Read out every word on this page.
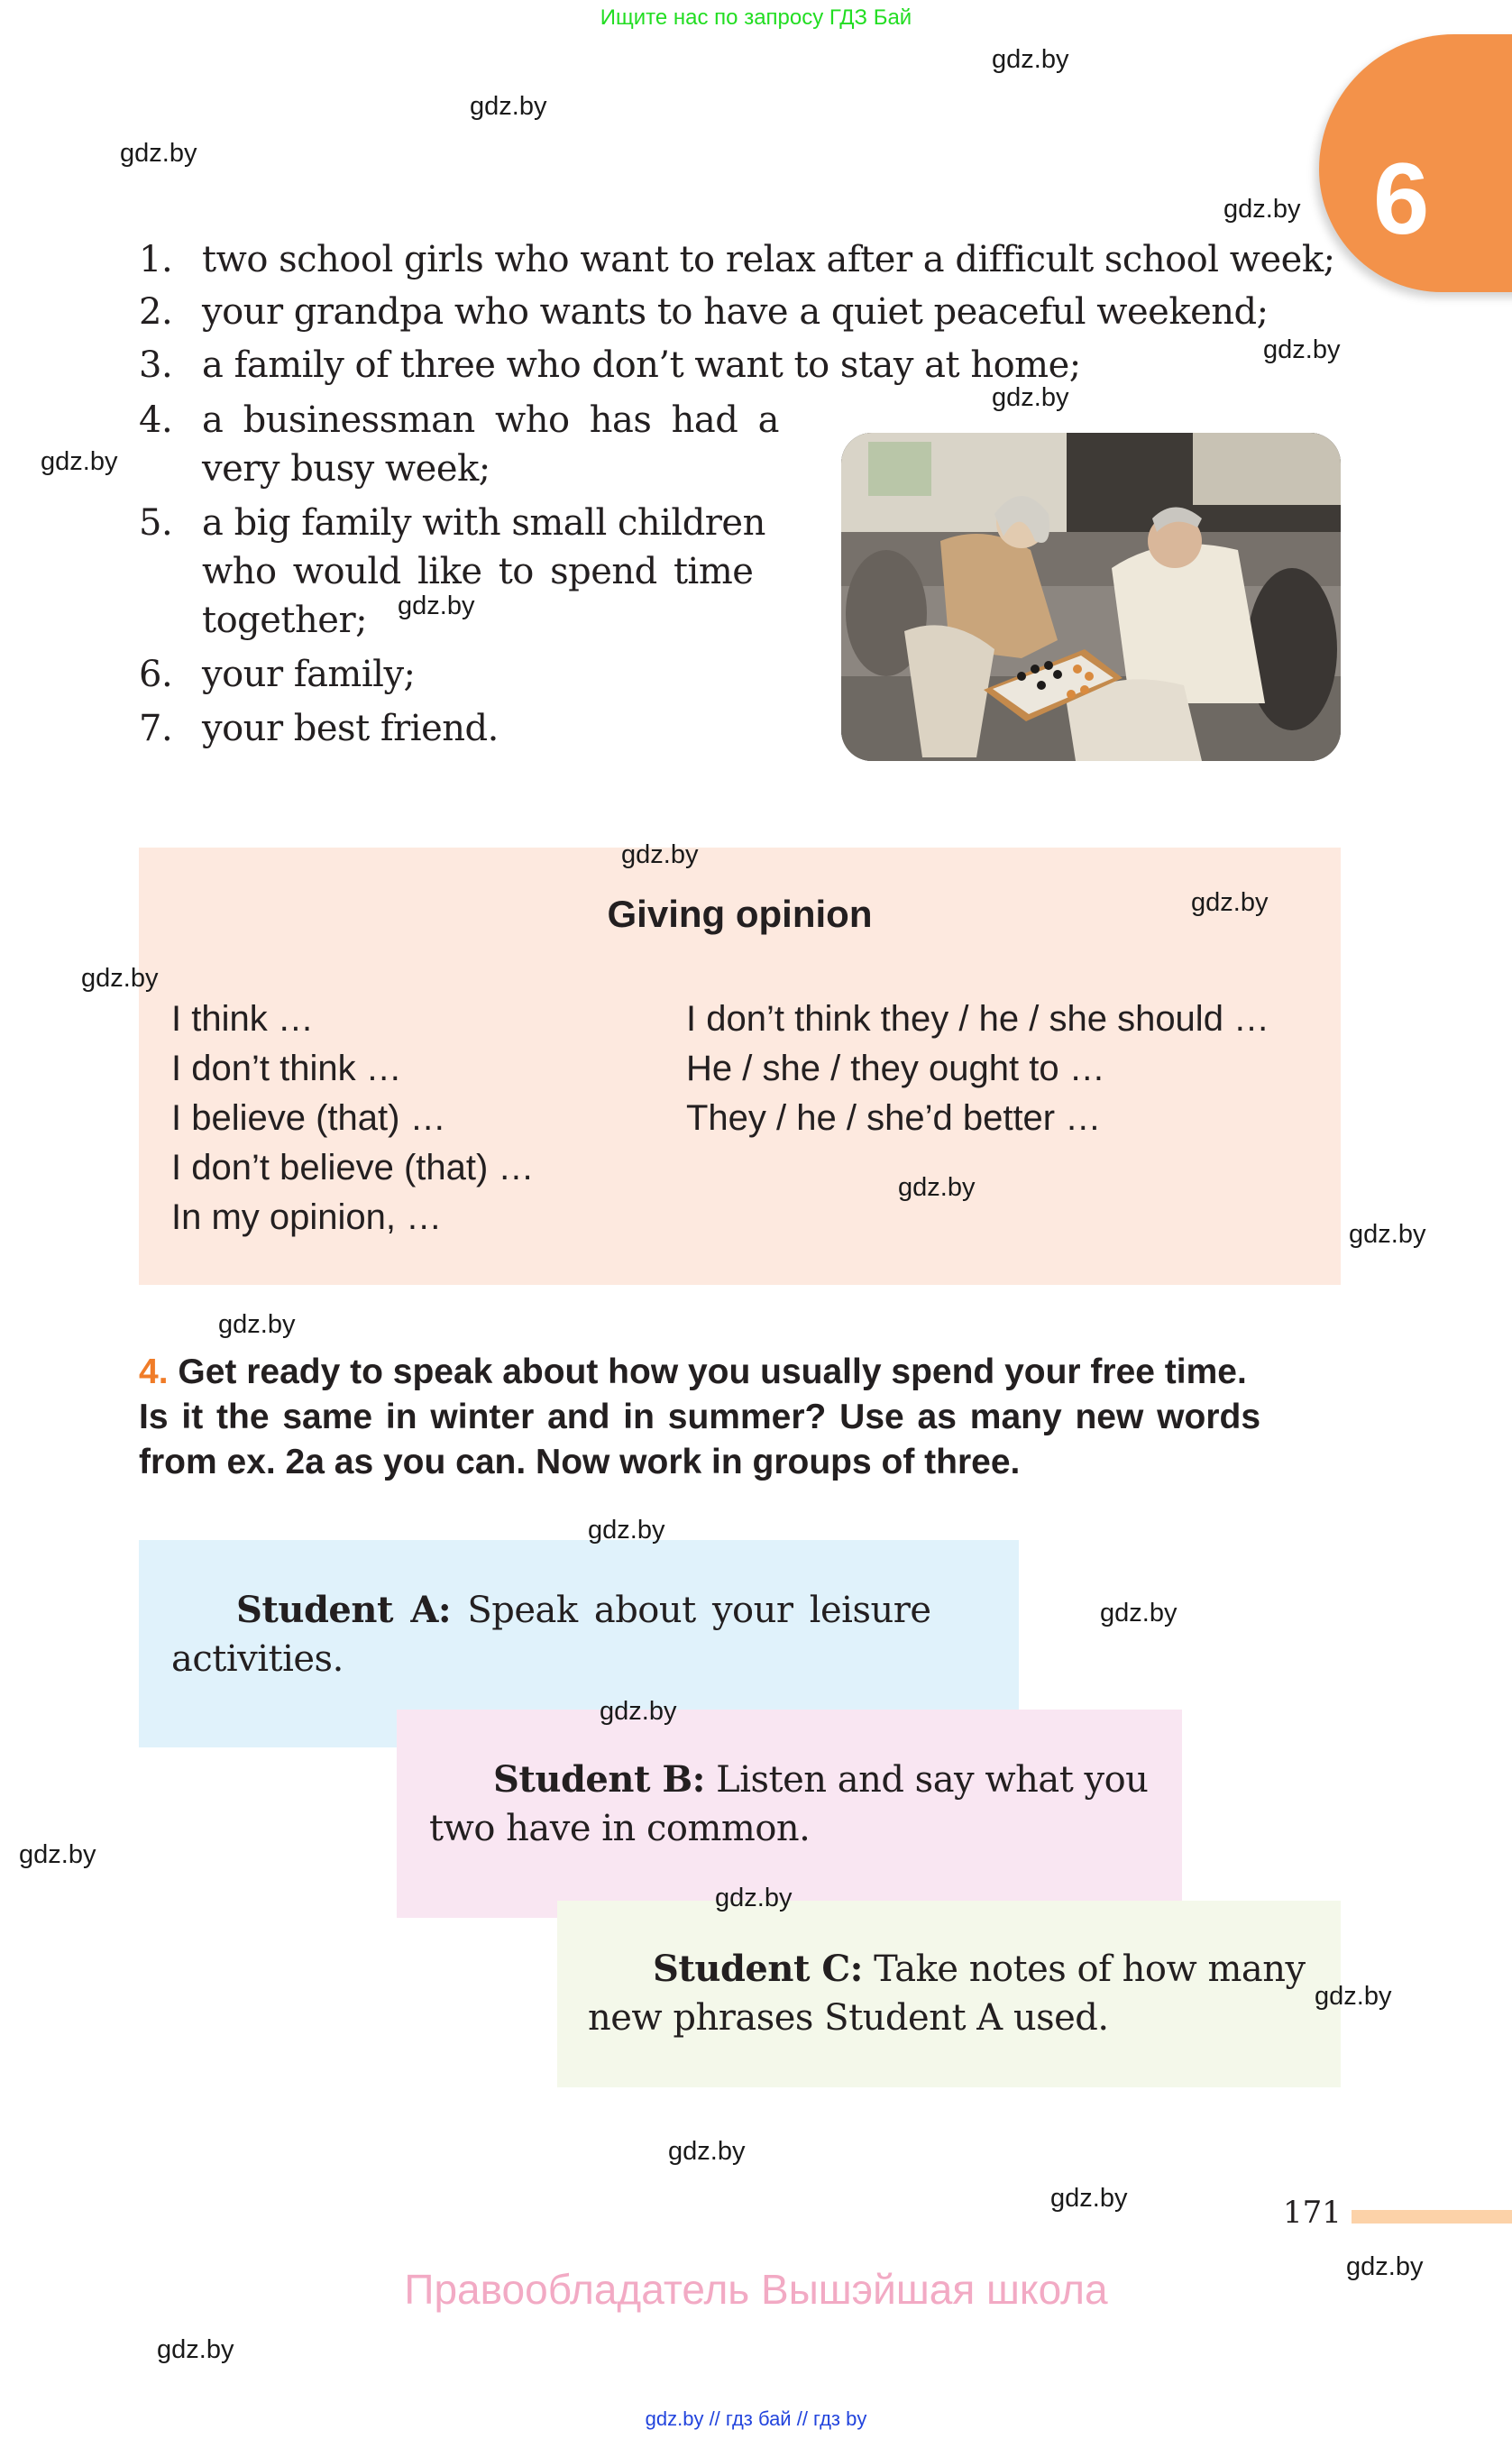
Ищите нас по запросу ГДЗ Бай
6
1. two school girls who want to relax after a difficult school week;
2. your grandpa who wants to have a quiet peaceful weekend;
3. a family of three who don’t want to stay at home;
4. a businessman who has had a
very busy week;
5. a big family with small children
who would like to spend time
together;
6. your family;
7. your best friend.
Giving opinion
I think …
I don’t think …
I believe (that) …
I don’t believe (that) …
In my opinion, …
I don’t think they / he / she should …
He / she / they ought to …
They / he / she’d better …
4. Get ready to speak about how you usually spend your free time.
Is it the same in winter and in summer? Use as many new words
from ex. 2a as you can. Now work in groups of three.
Student A: Speak about your leisure
activities.
Student B: Listen and say what you
two have in common.
Student C: Take notes of how many
new phrases Student A used.
171
Правообладатель Вышэйшая школа
gdz.by // гдз бай // гдз by
gdz.by
gdz.by
gdz.by
gdz.by
gdz.by
gdz.by
gdz.by
gdz.by
gdz.by
gdz.by
gdz.by
gdz.by
gdz.by
gdz.by
gdz.by
gdz.by
gdz.by
gdz.by
gdz.by
gdz.by
gdz.by
gdz.by
gdz.by
gdz.by
